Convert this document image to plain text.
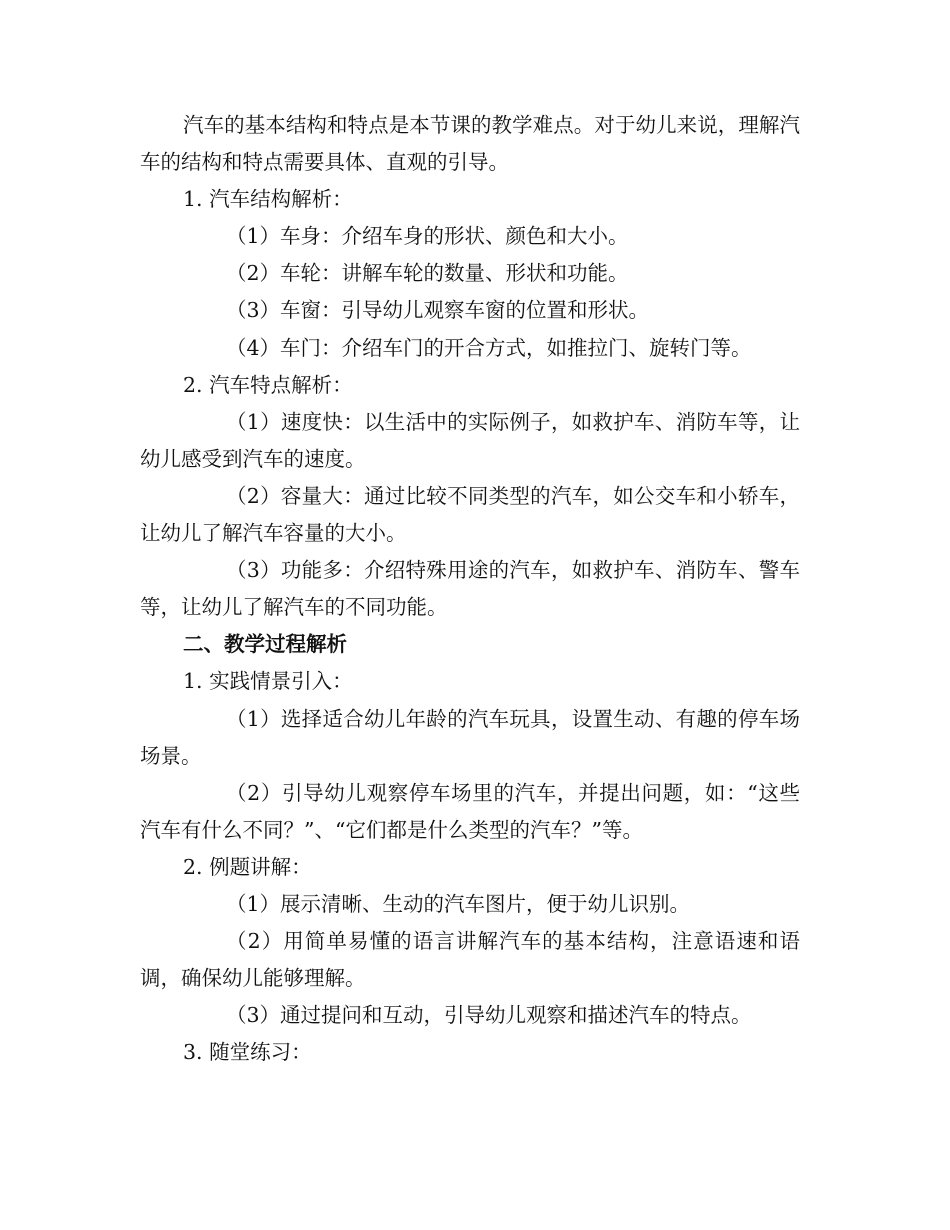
汽车的基本结构和特点是本节课的教学难点。对于幼儿来说，理解汽车的结构和特点需要具体、直观的引导。

1. 汽车结构解析：

（1）车身：介绍车身的形状、颜色和大小。

（2）车轮：讲解车轮的数量、形状和功能。

（3）车窗：引导幼儿观察车窗的位置和形状。

（4）车门：介绍车门的开合方式，如推拉门、旋转门等。

2. 汽车特点解析：

（1）速度快：以生活中的实际例子，如救护车、消防车等，让幼儿感受到汽车的速度。

（2）容量大：通过比较不同类型的汽车，如公交车和小轿车，让幼儿了解汽车容量的大小。

（3）功能多：介绍特殊用途的汽车，如救护车、消防车、警车等，让幼儿了解汽车的不同功能。

二、教学过程解析

1. 实践情景引入：

（1）选择适合幼儿年龄的汽车玩具，设置生动、有趣的停车场场景。

（2）引导幼儿观察停车场里的汽车，并提出问题，如：“这些汽车有什么不同？”、“它们都是什么类型的汽车？”等。

2. 例题讲解：

（1）展示清晰、生动的汽车图片，便于幼儿识别。

（2）用简单易懂的语言讲解汽车的基本结构，注意语速和语调，确保幼儿能够理解。

（3）通过提问和互动，引导幼儿观察和描述汽车的特点。

3. 随堂练习：
